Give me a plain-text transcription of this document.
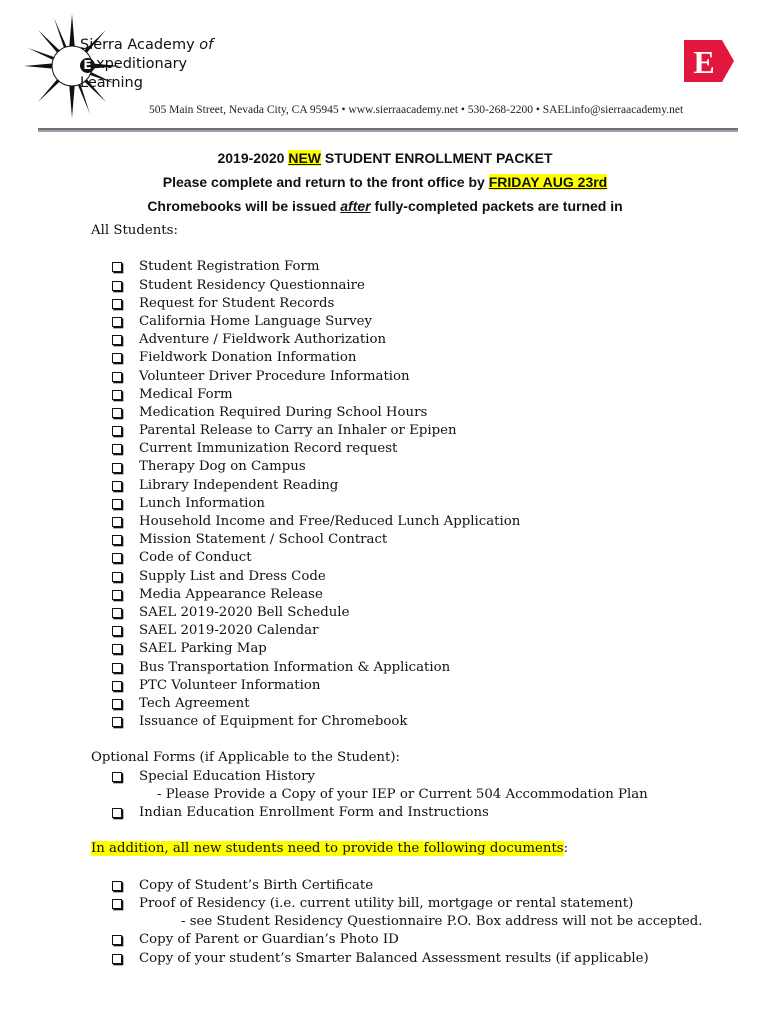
Sierra Academy of
E xpeditionary
Learning
505 Main Street, Nevada City, CA 95945 • www.sierraacademy.net • 530-268-2200 • SAELinfo@sierraacademy.net
E
2019-2020 NEW STUDENT ENROLLMENT PACKET
Please complete and return to the front office by FRIDAY AUG 23rd
Chromebooks will be issued after fully-completed packets are turned in
All Students:
Student Registration Form
Student Residency Questionnaire
Request for Student Records
California Home Language Survey
Adventure / Fieldwork Authorization
Fieldwork Donation Information
Volunteer Driver Procedure Information
Medical Form
Medication Required During School Hours
Parental Release to Carry an Inhaler or Epipen
Current Immunization Record request
Therapy Dog on Campus
Library Independent Reading
Lunch Information
Household Income and Free/Reduced Lunch Application
Mission Statement / School Contract
Code of Conduct
Supply List and Dress Code
Media Appearance Release
SAEL 2019-2020 Bell Schedule
SAEL 2019-2020 Calendar
SAEL Parking Map
Bus Transportation Information & Application
PTC Volunteer Information
Tech Agreement
Issuance of Equipment for Chromebook
Optional Forms (if Applicable to the Student):
Special Education History
- Please Provide a Copy of your IEP or Current 504 Accommodation Plan
Indian Education Enrollment Form and Instructions
In addition, all new students need to provide the following documents:
Copy of Student’s Birth Certificate
Proof of Residency (i.e. current utility bill, mortgage or rental statement)
- see Student Residency Questionnaire P.O. Box address will not be accepted.
Copy of Parent or Guardian’s Photo ID
Copy of your student’s Smarter Balanced Assessment results (if applicable)
